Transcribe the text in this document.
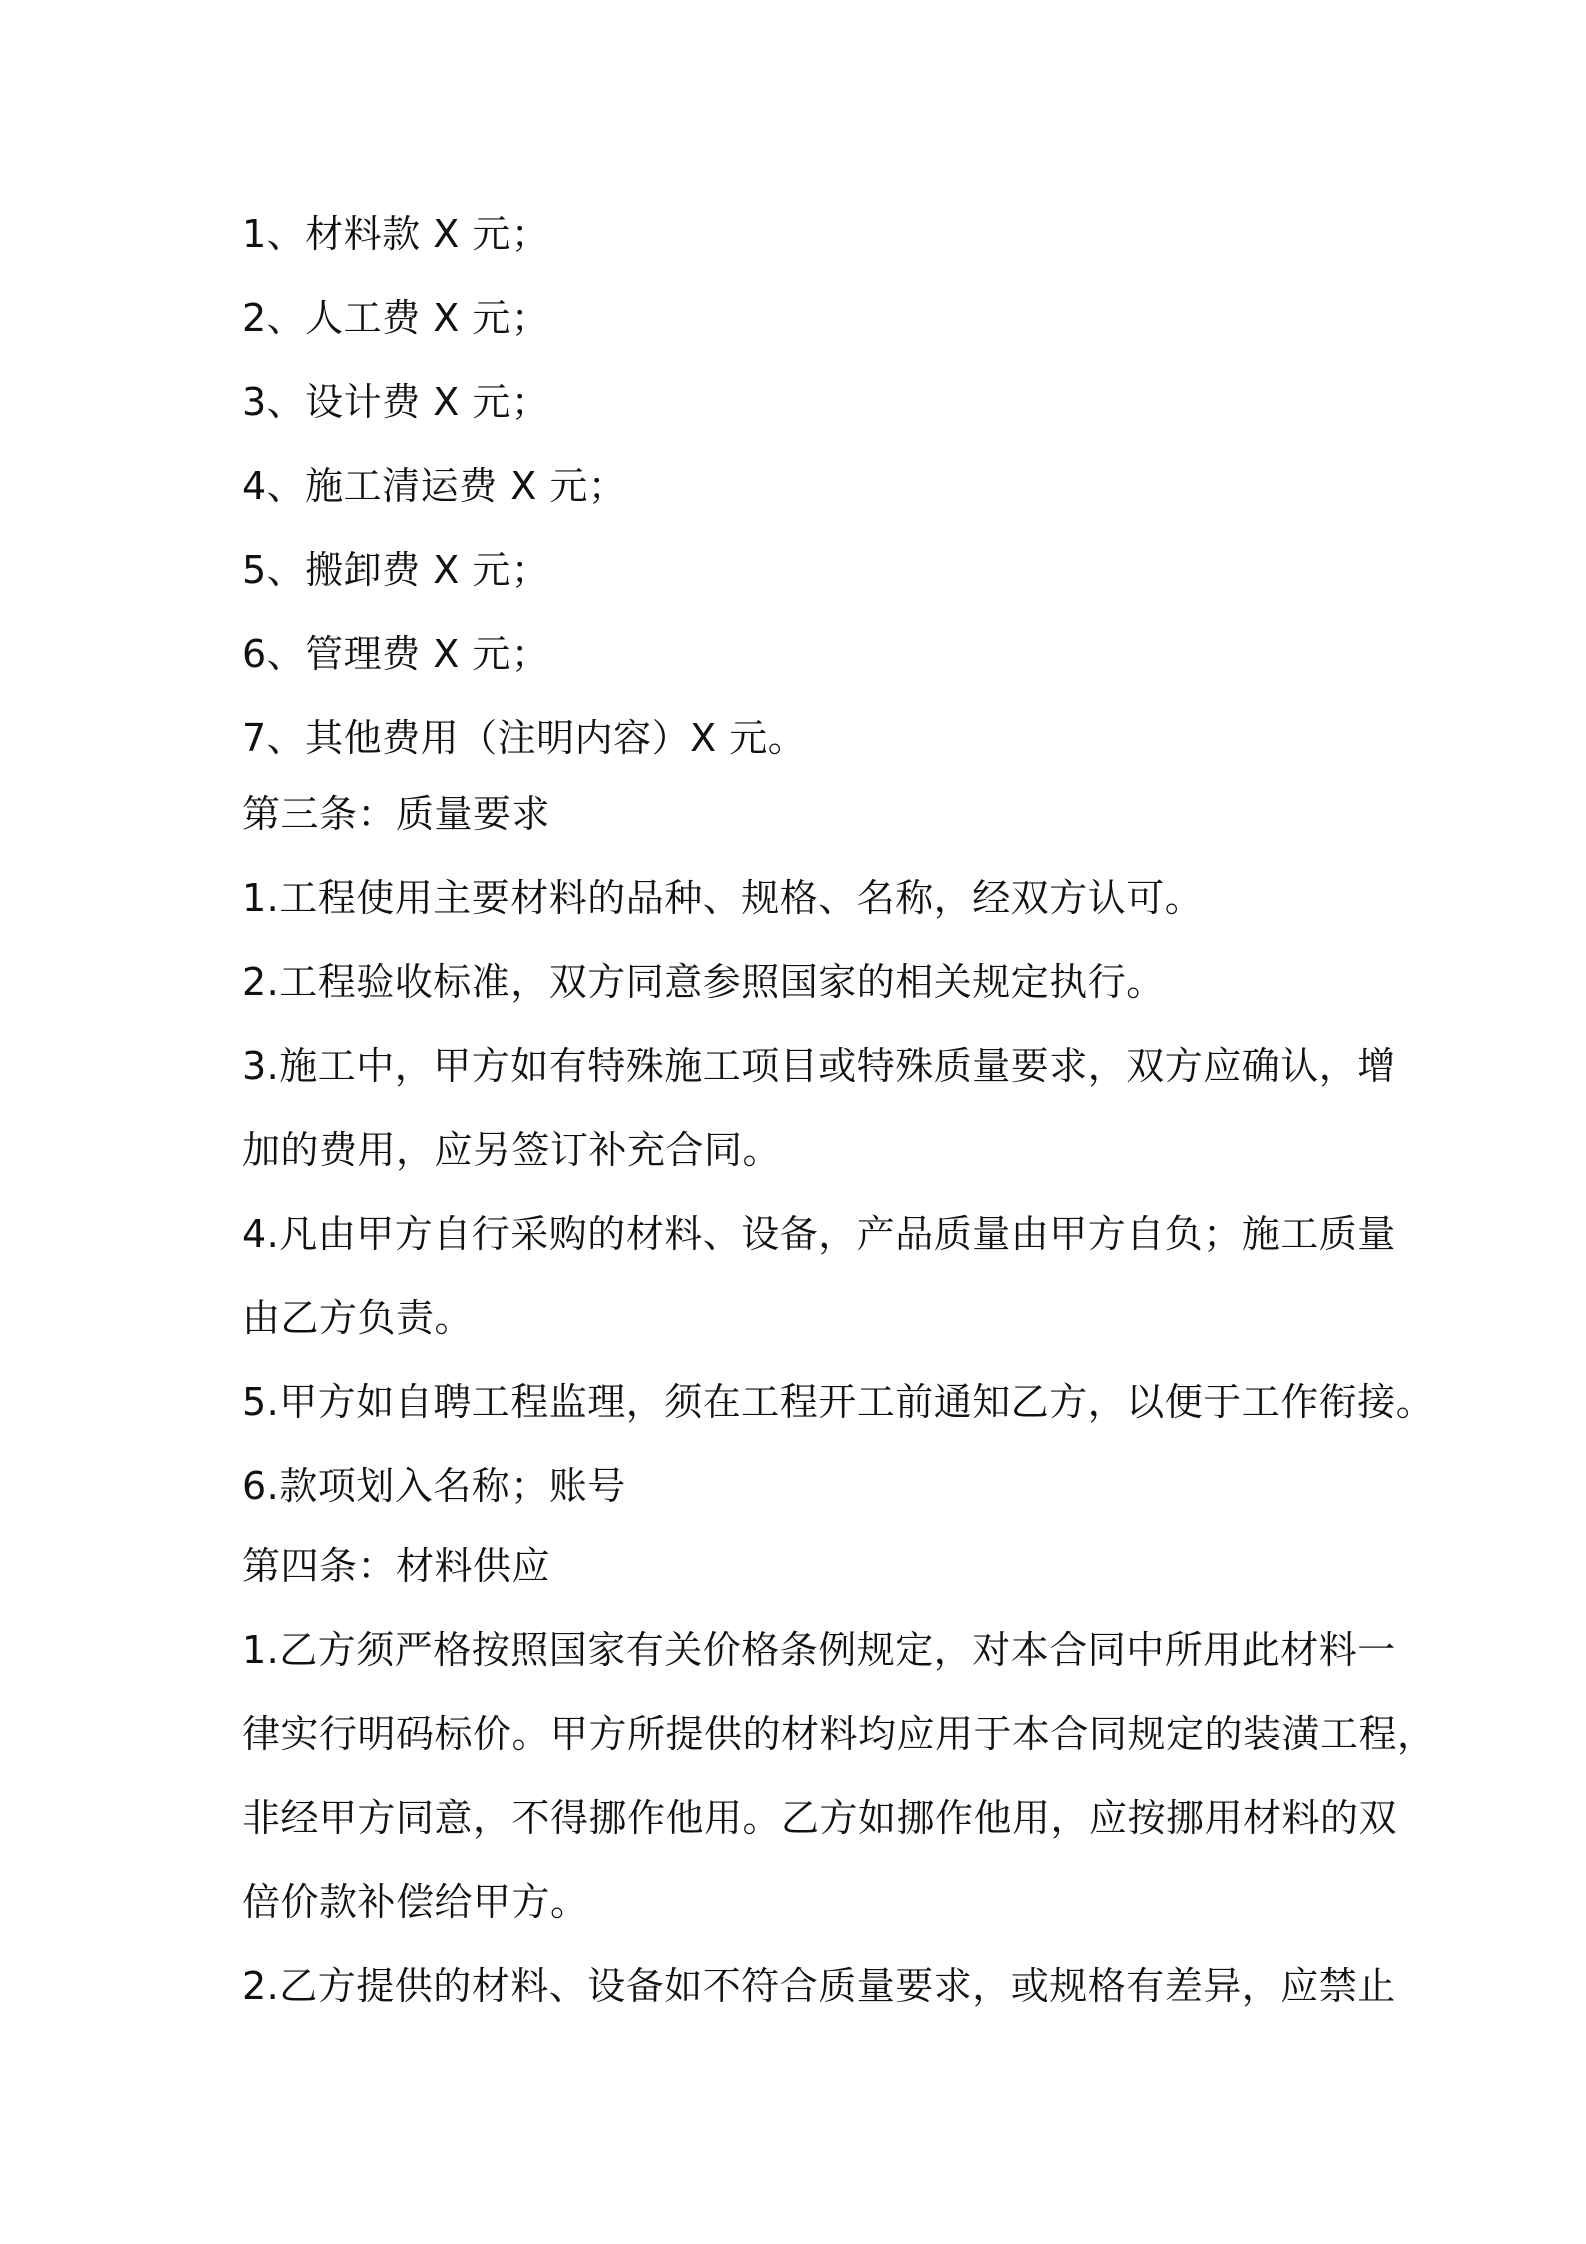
1、材料款 X 元；

2、人工费 X 元；

3、设计费 X 元；

4、施工清运费 X 元；

5、搬卸费 X 元；

6、管理费 X 元；

7、其他费用（注明内容）X 元。

第三条：质量要求

1.工程使用主要材料的品种、规格、名称，经双方认可。

2.工程验收标准，双方同意参照国家的相关规定执行。

3.施工中，甲方如有特殊施工项目或特殊质量要求，双方应确认，增

加的费用，应另签订补充合同。

4.凡由甲方自行采购的材料、设备，产品质量由甲方自负；施工质量

由乙方负责。

5.甲方如自聘工程监理，须在工程开工前通知乙方，以便于工作衔接。

6.款项划入名称；账号

第四条：材料供应

1.乙方须严格按照国家有关价格条例规定，对本合同中所用此材料一

律实行明码标价。甲方所提供的材料均应用于本合同规定的装潢工程，

非经甲方同意，不得挪作他用。乙方如挪作他用，应按挪用材料的双

倍价款补偿给甲方。

2.乙方提供的材料、设备如不符合质量要求，或规格有差异，应禁止
